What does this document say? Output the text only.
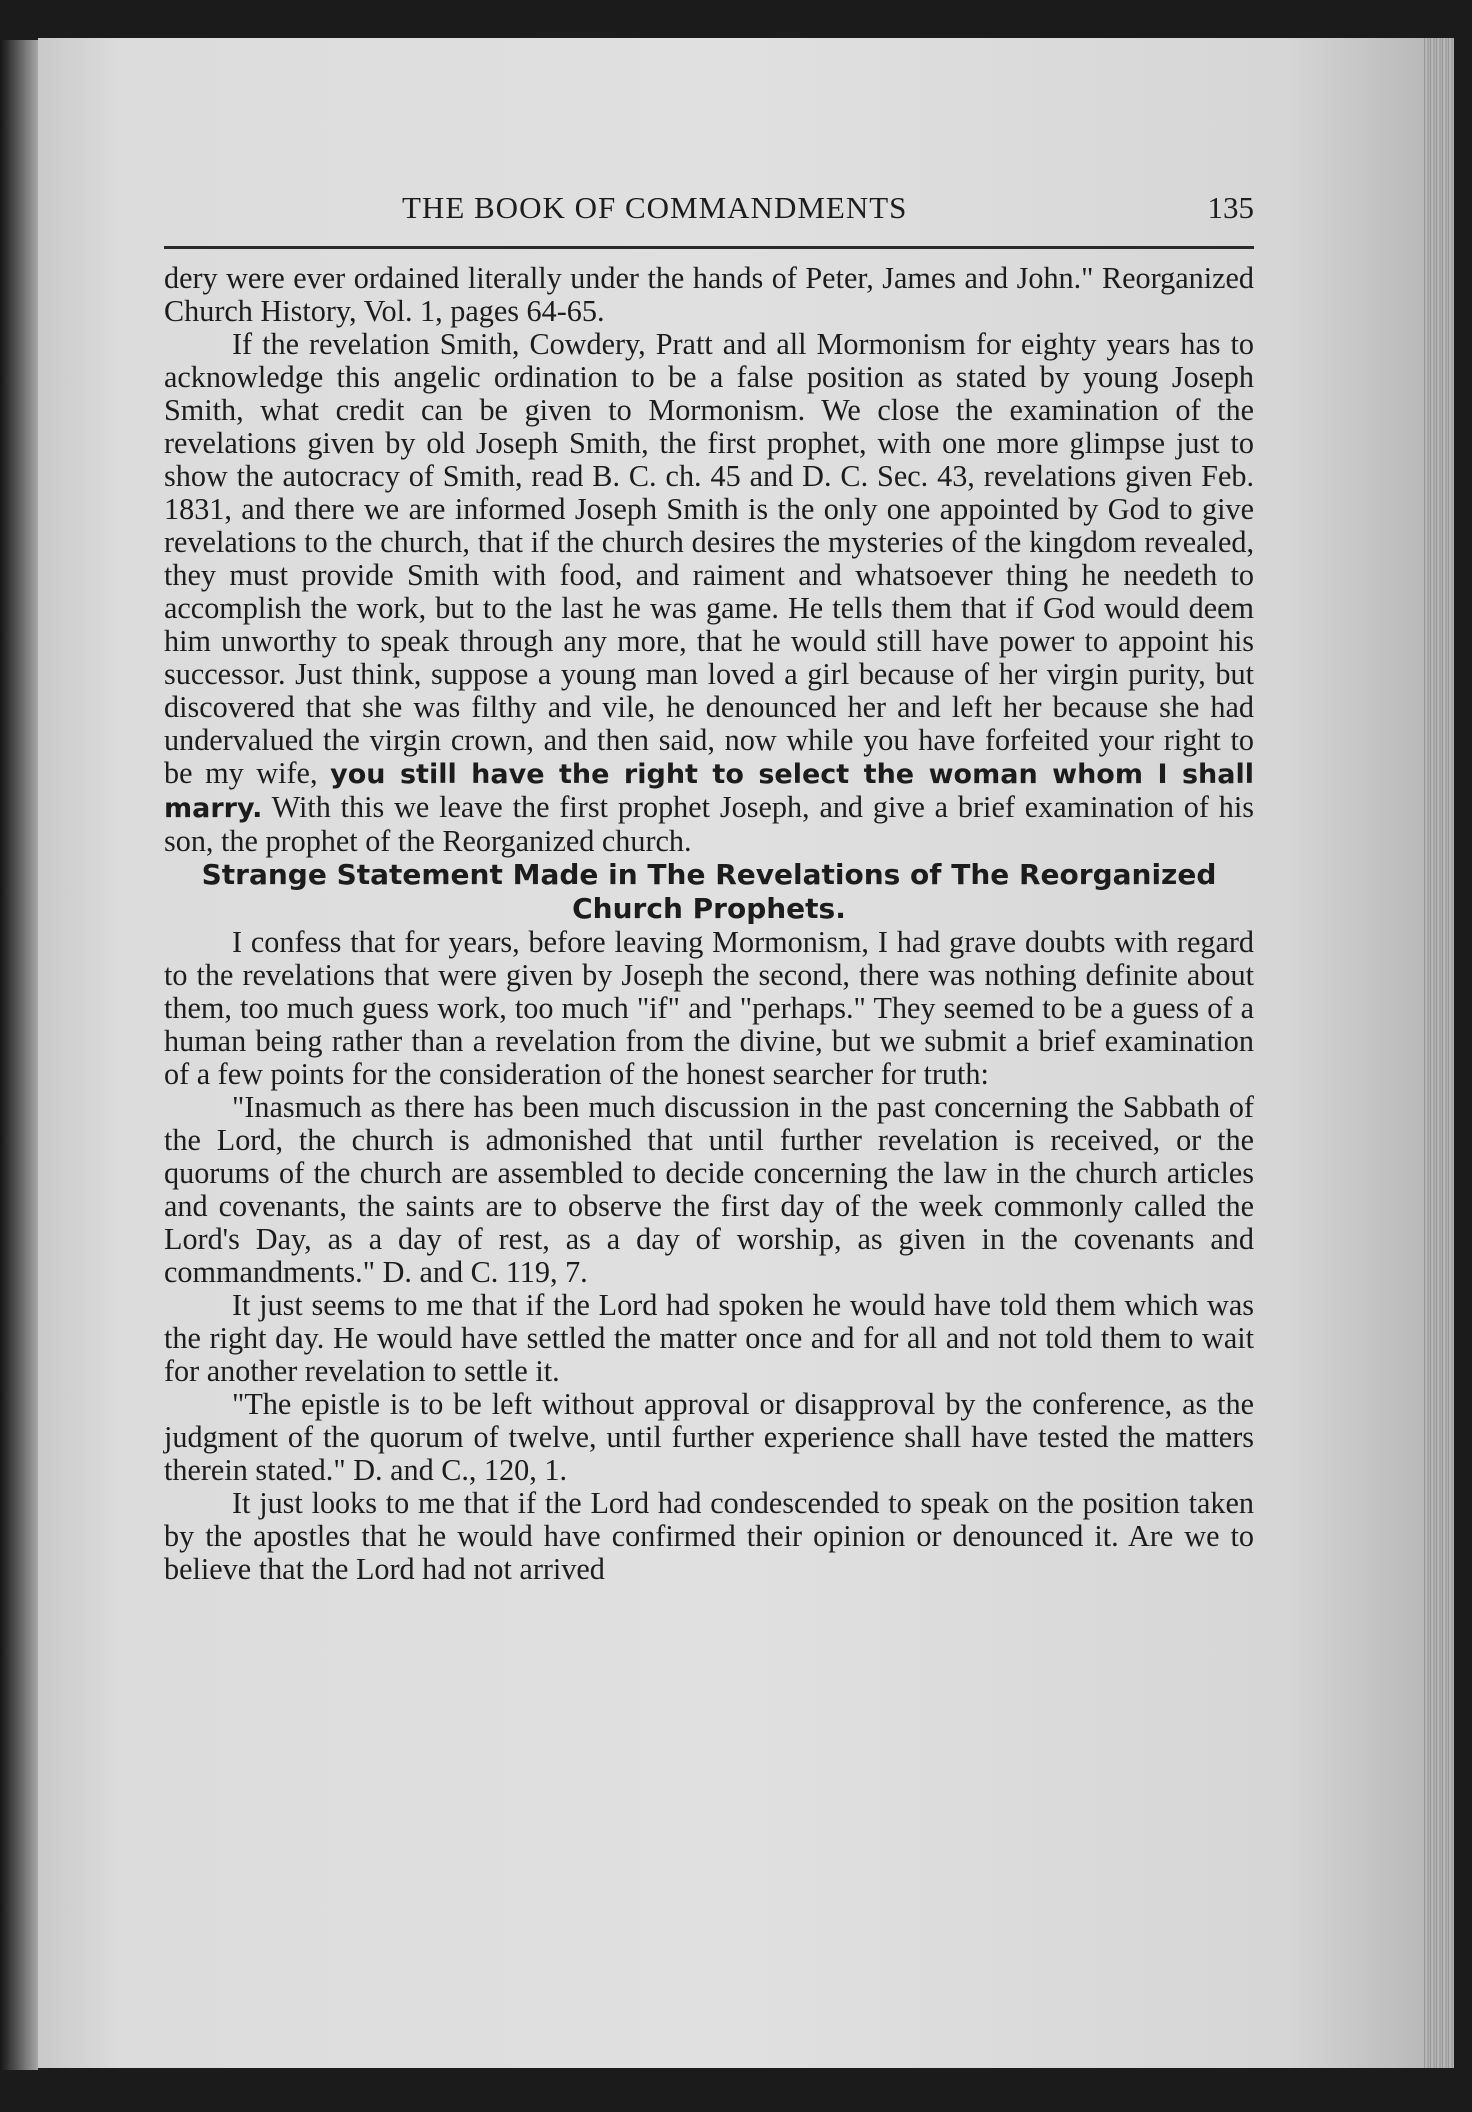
THE BOOK OF COMMANDMENTS	135

dery were ever ordained literally under the hands of Peter, James and John." Reorganized Church History, Vol. 1, pages 64-65.

If the revelation Smith, Cowdery, Pratt and all Mormonism for eighty years has to acknowledge this angelic ordination to be a false position as stated by young Joseph Smith, what credit can be given to Mormonism. We close the examination of the revelations given by old Joseph Smith, the first prophet, with one more glimpse just to show the autocracy of Smith, read B. C. ch. 45 and D. C. Sec. 43, revelations given Feb. 1831, and there we are informed Joseph Smith is the only one appointed by God to give revelations to the church, that if the church desires the mysteries of the kingdom revealed, they must provide Smith with food, and raiment and whatsoever thing he needeth to accomplish the work, but to the last he was game. He tells them that if God would deem him unworthy to speak through any more, that he would still have power to appoint his successor. Just think, suppose a young man loved a girl because of her virgin purity, but discovered that she was filthy and vile, he denounced her and left her because she had undervalued the virgin crown, and then said, now while you have forfeited your right to be my wife, you still have the right to select the woman whom I shall marry. With this we leave the first prophet Joseph, and give a brief examination of his son, the prophet of the Reorganized church.

Strange Statement Made in The Revelations of The Reorganized Church Prophets.

I confess that for years, before leaving Mormonism, I had grave doubts with regard to the revelations that were given by Joseph the second, there was nothing definite about them, too much guess work, too much "if" and "perhaps." They seemed to be a guess of a human being rather than a revelation from the divine, but we submit a brief examination of a few points for the consideration of the honest searcher for truth:

"Inasmuch as there has been much discussion in the past concerning the Sabbath of the Lord, the church is admonished that until further revelation is received, or the quorums of the church are assembled to decide concerning the law in the church articles and covenants, the saints are to observe the first day of the week commonly called the Lord's Day, as a day of rest, as a day of worship, as given in the covenants and commandments." D. and C. 119, 7.

It just seems to me that if the Lord had spoken he would have told them which was the right day. He would have settled the matter once and for all and not told them to wait for another revelation to settle it.

"The epistle is to be left without approval or disapproval by the conference, as the judgment of the quorum of twelve, until further experience shall have tested the matters therein stated." D. and C., 120, 1.

It just looks to me that if the Lord had condescended to speak on the position taken by the apostles that he would have confirmed their opinion or denounced it. Are we to believe that the Lord had not arrived
